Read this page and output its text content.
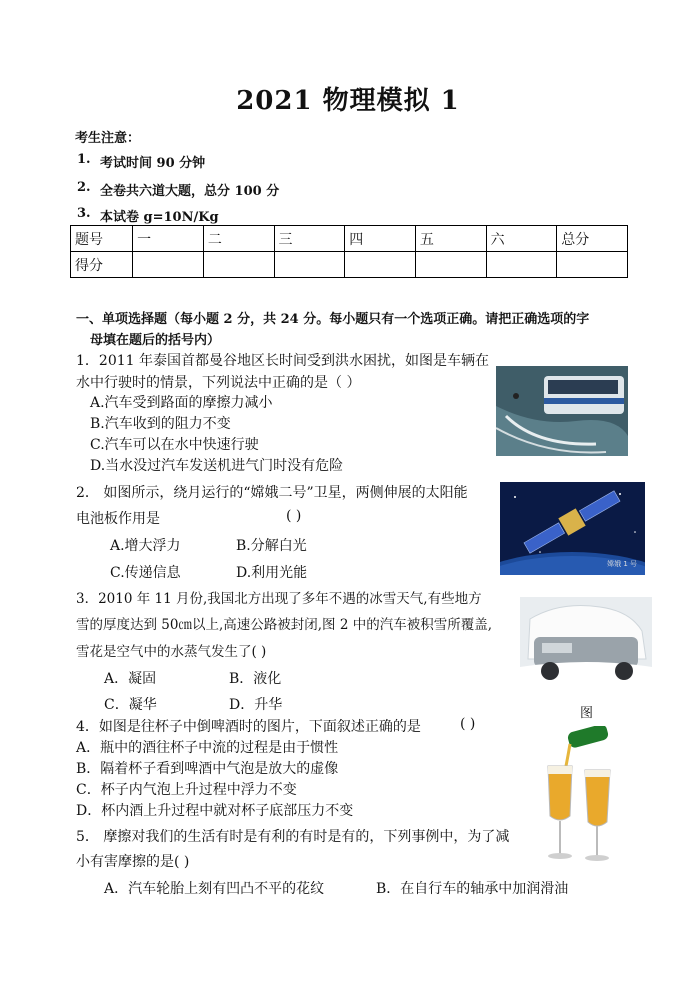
2021 物理模拟 1
考生注意：
1. 考试时间 90 分钟
2. 全卷共六道大题，总分 100 分
3. 本试卷 g=10N/Kg
题号	一	二	三	四	五	六	总分
得分							
一、单项选择题（每小题 2 分，共 24 分。每小题只有一个选项正确。请把正确选项的字
母填在题后的括号内）
1．2011 年泰国首都曼谷地区长时间受到洪水困扰，如图是车辆在
水中行驶时的情景，下列说法中正确的是（ ）
A.汽车受到路面的摩擦力减小
B.汽车收到的阻力不变
C.汽车可以在水中快速行驶
D.当水没过汽车发送机进气门时没有危险
2． 如图所示，绕月运行的“嫦娥二号”卫星，两侧伸展的太阳能
电池板作用是	( )
A.增大浮力	B.分解白光
C.传递信息	D.利用光能
嫦娥 1 号
3．2010 年 11 月份,我国北方出现了多年不遇的冰雪天气,有些地方
雪的厚度达到 50㎝以上,高速公路被封闭,图 2 中的汽车被积雪所覆盖,
雪花是空气中的水蒸气发生了( )
A．凝固	B．液化
C．凝华	D．升华
图
4．如图是往杯子中倒啤酒时的图片，下面叙述正确的是	( )
A．瓶中的酒往杯子中流的过程是由于惯性
B．隔着杯子看到啤酒中气泡是放大的虚像
C．杯子内气泡上升过程中浮力不变
D．杯内酒上升过程中就对杯子底部压力不变
5． 摩擦对我们的生活有时是有利的有时是有的，下列事例中，为了减
小有害摩擦的是( )
A．汽车轮胎上刻有凹凸不平的花纹	B．在自行车的轴承中加润滑油
